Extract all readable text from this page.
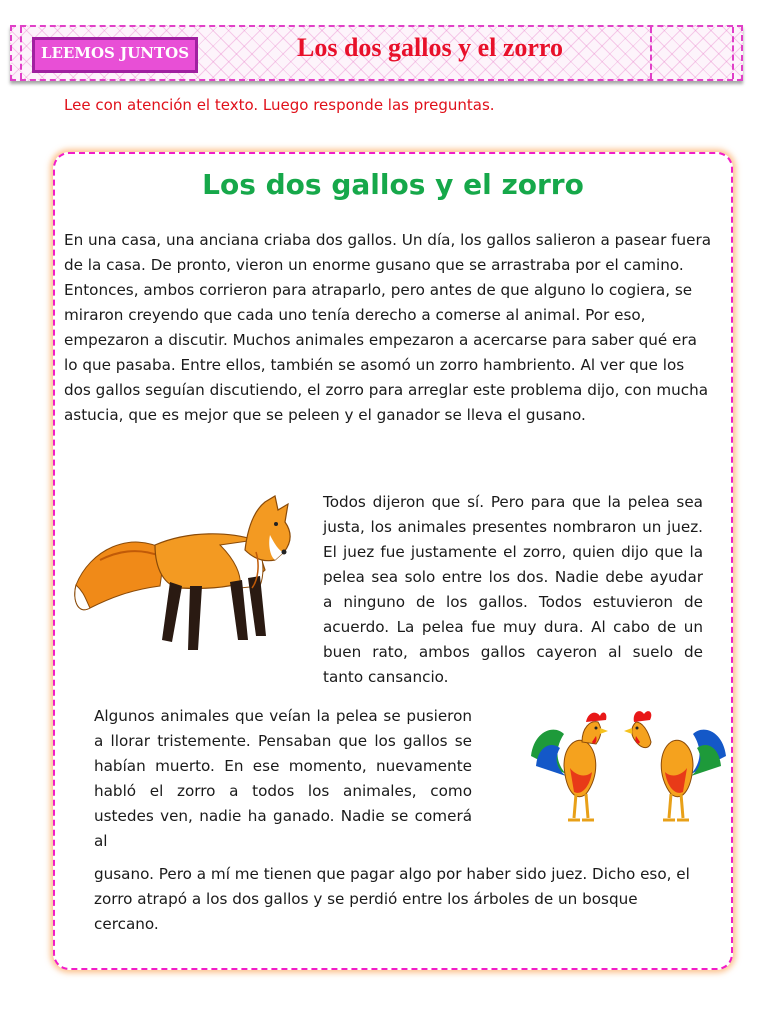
LEEMOS JUNTOS	Los dos gallos y el zorro
Lee con atención el texto. Luego responde las preguntas.
Los dos gallos y el zorro

En una casa, una anciana criaba dos gallos. Un día, los gallos salieron a pasear fuera de la casa. De pronto, vieron un enorme gusano que se arrastraba por el camino. Entonces, ambos corrieron para atraparlo, pero antes de que alguno lo cogiera, se miraron creyendo que cada uno tenía derecho a comerse al animal. Por eso, empezaron a discutir. Muchos animales empezaron a acercarse para saber qué era lo que pasaba. Entre ellos, también se asomó un zorro hambriento. Al ver que los dos gallos seguían discutiendo, el zorro para arreglar este problema dijo, con mucha astucia, que es mejor que se peleen y el ganador se lleva el gusano.

Todos dijeron que sí. Pero para que la pelea sea justa, los animales presentes nombraron un juez. El juez fue justamente el zorro, quien dijo que la pelea sea solo entre los dos. Nadie debe ayudar a ninguno de los gallos. Todos estuvieron de acuerdo. La pelea fue muy dura. Al cabo de un buen rato, ambos gallos cayeron al suelo de tanto cansancio.

Algunos animales que veían la pelea se pusieron a llorar tristemente. Pensaban que los gallos se habían muerto. En ese momento, nuevamente habló el zorro a todos los animales, como ustedes ven, nadie ha ganado. Nadie se comerá al

gusano. Pero a mí me tienen que pagar algo por haber sido juez. Dicho eso, el zorro atrapó a los dos gallos y se perdió entre los árboles de un bosque cercano.
